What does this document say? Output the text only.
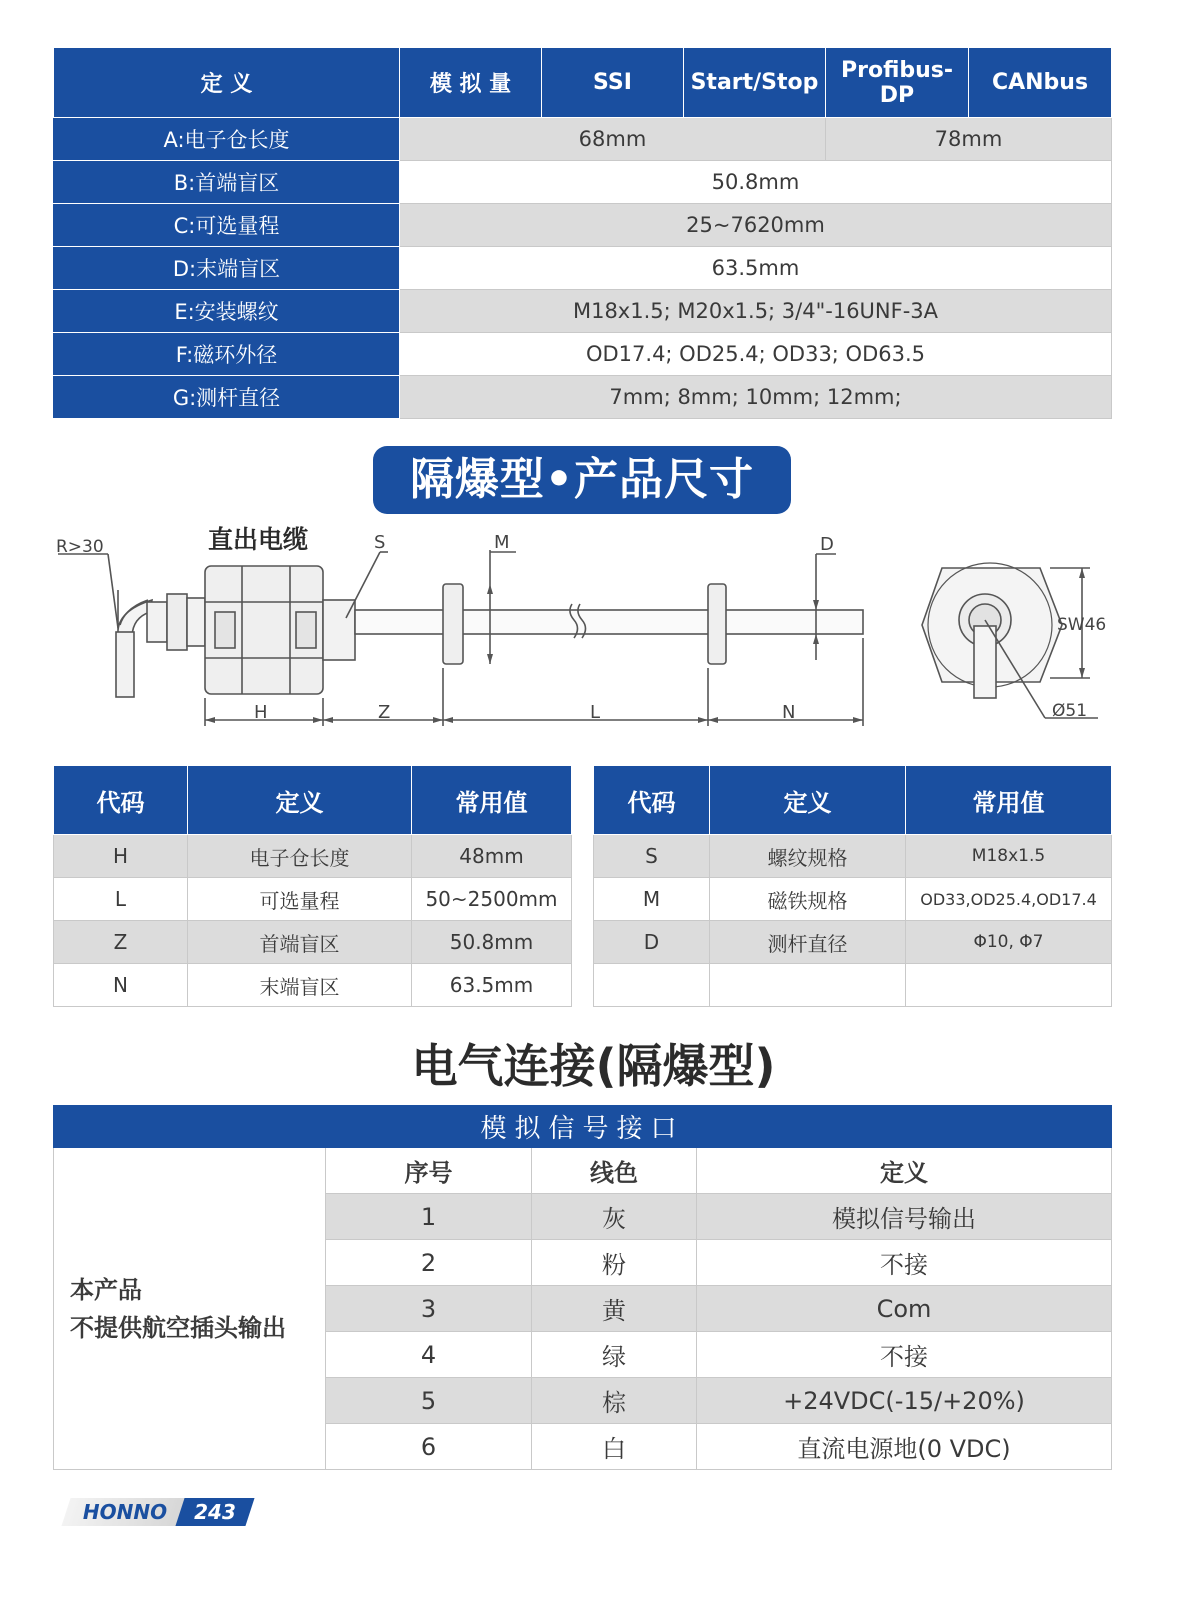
定 义	模 拟 量	SSI	Start/Stop	Profibus-DP	CANbus
A:电子仓长度	68mm			78mm	
B:首端盲区	50.8mm				
C:可选量程	25~7620mm				
D:末端盲区	63.5mm				
E:安装螺纹	M18x1.5; M20x1.5; 3/4"-16UNF-3A				
F:磁环外径	OD17.4; OD25.4; OD33; OD63.5				
G:测杆直径	7mm; 8mm; 10mm; 12mm;				
隔爆型•产品尺寸
R>30	直出电缆	S	M	D
H	Z	L	N
SW46
Ø51
代码	定义	常用值
H	电子仓长度	48mm
L	可选量程	50~2500mm
Z	首端盲区	50.8mm
N	末端盲区	63.5mm
代码	定义	常用值
S	螺纹规格	M18x1.5
M	磁铁规格	OD33,OD25.4,OD17.4
D	测杆直径	Φ10, Φ7

电气连接(隔爆型)
模拟信号接口			
本产品
不提供航空插头输出	序号	线色	定义
	1	灰	模拟信号输出
	2	粉	不接
	3	黄	Com
	4	绿	不接
	5	棕	+24VDC(-15/+20%)
	6	白	直流电源地(0 VDC)
HONNO	243
